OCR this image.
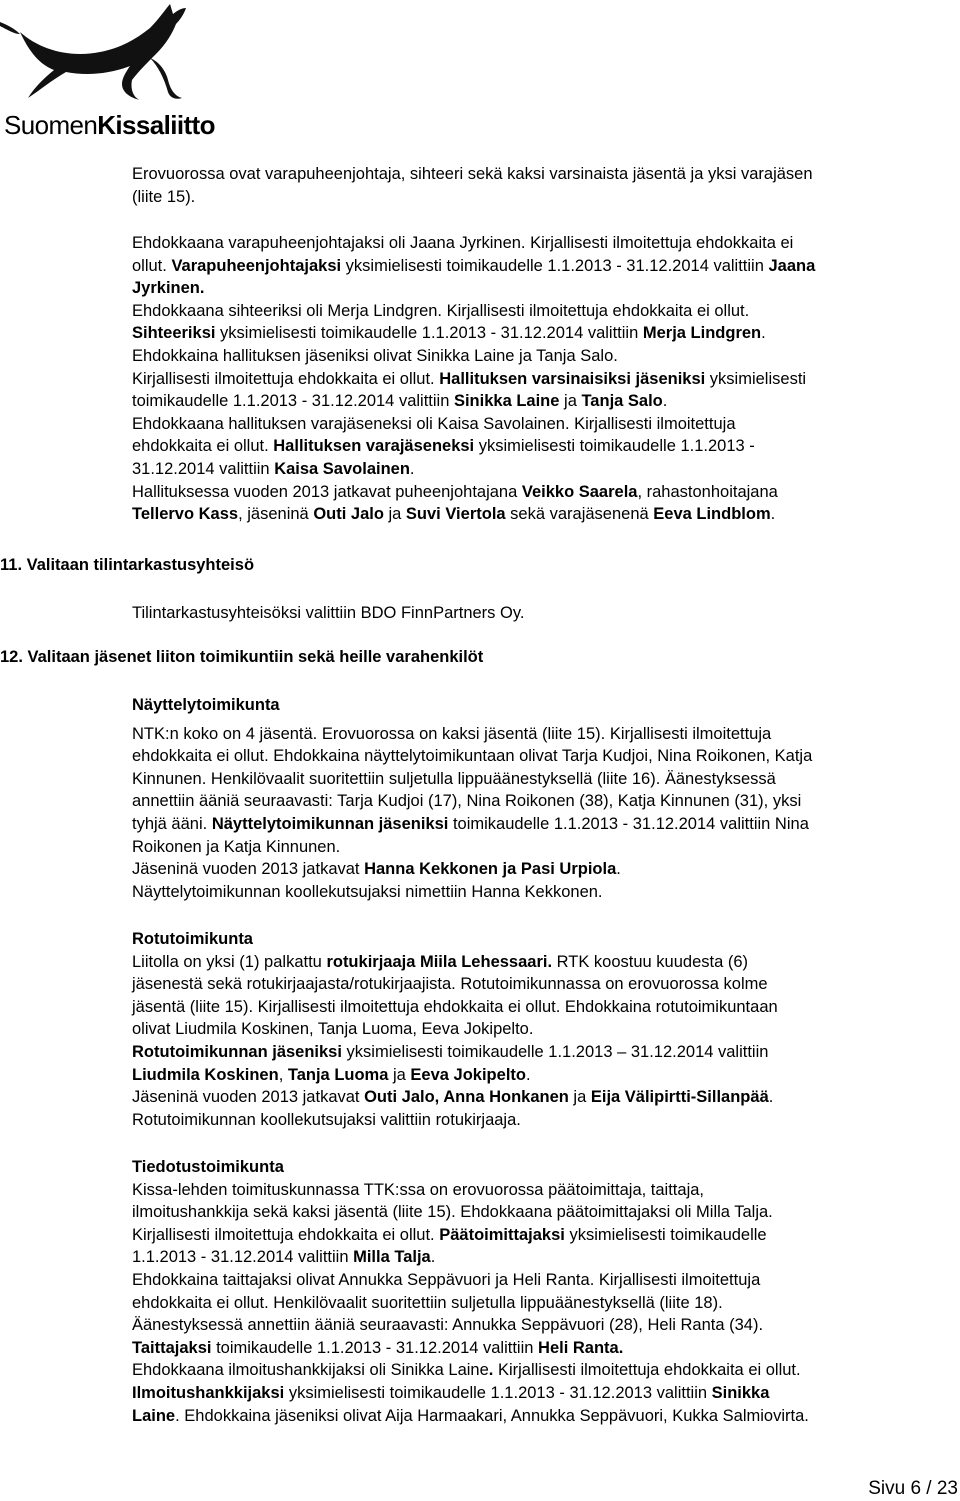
SuomenKissaliitto
Erovuorossa ovat varapuheenjohtaja, sihteeri sekä kaksi varsinaista jäsentä ja yksi varajäsen
(liite 15).
Ehdokkaana varapuheenjohtajaksi oli Jaana Jyrkinen. Kirjallisesti ilmoitettuja ehdokkaita ei
ollut. Varapuheenjohtajaksi yksimielisesti toimikaudelle 1.1.2013 - 31.12.2014 valittiin Jaana
Jyrkinen.
Ehdokkaana sihteeriksi oli Merja Lindgren. Kirjallisesti ilmoitettuja ehdokkaita ei ollut.
Sihteeriksi yksimielisesti toimikaudelle 1.1.2013 - 31.12.2014 valittiin Merja Lindgren.
Ehdokkaina hallituksen jäseniksi olivat Sinikka Laine ja Tanja Salo.
Kirjallisesti ilmoitettuja ehdokkaita ei ollut. Hallituksen varsinaisiksi jäseniksi yksimielisesti
toimikaudelle 1.1.2013 - 31.12.2014 valittiin Sinikka Laine ja Tanja Salo.
Ehdokkaana hallituksen varajäseneksi oli Kaisa Savolainen. Kirjallisesti ilmoitettuja
ehdokkaita ei ollut. Hallituksen varajäseneksi yksimielisesti toimikaudelle 1.1.2013 -
31.12.2014 valittiin Kaisa Savolainen.
Hallituksessa vuoden 2013 jatkavat puheenjohtajana Veikko Saarela, rahastonhoitajana
Tellervo Kass, jäseninä Outi Jalo ja Suvi Viertola sekä varajäsenenä Eeva Lindblom.
11. Valitaan tilintarkastusyhteisö
Tilintarkastusyhteisöksi valittiin BDO FinnPartners Oy.
12. Valitaan jäsenet liiton toimikuntiin sekä heille varahenkilöt
Näyttelytoimikunta
NTK:n koko on 4 jäsentä. Erovuorossa on kaksi jäsentä (liite 15). Kirjallisesti ilmoitettuja
ehdokkaita ei ollut. Ehdokkaina näyttelytoimikuntaan olivat Tarja Kudjoi, Nina Roikonen, Katja
Kinnunen. Henkilövaalit suoritettiin suljetulla lippuäänestyksellä (liite 16). Äänestyksessä
annettiin ääniä seuraavasti: Tarja Kudjoi (17), Nina Roikonen (38), Katja Kinnunen (31), yksi
tyhjä ääni. Näyttelytoimikunnan jäseniksi toimikaudelle 1.1.2013 - 31.12.2014 valittiin Nina
Roikonen ja Katja Kinnunen.
Jäseninä vuoden 2013 jatkavat Hanna Kekkonen ja Pasi Urpiola.
Näyttelytoimikunnan koollekutsujaksi nimettiin Hanna Kekkonen.
Rotutoimikunta
Liitolla on yksi (1) palkattu rotukirjaaja Miila Lehessaari. RTK koostuu kuudesta (6)
jäsenestä sekä rotukirjaajasta/rotukirjaajista. Rotutoimikunnassa on erovuorossa kolme
jäsentä (liite 15). Kirjallisesti ilmoitettuja ehdokkaita ei ollut. Ehdokkaina rotutoimikuntaan
olivat Liudmila Koskinen, Tanja Luoma, Eeva Jokipelto.
Rotutoimikunnan jäseniksi yksimielisesti toimikaudelle 1.1.2013 – 31.12.2014 valittiin
Liudmila Koskinen, Tanja Luoma ja Eeva Jokipelto.
Jäseninä vuoden 2013 jatkavat Outi Jalo, Anna Honkanen ja Eija Välipirtti-Sillanpää.
Rotutoimikunnan koollekutsujaksi valittiin rotukirjaaja.
Tiedotustoimikunta
Kissa-lehden toimituskunnassa TTK:ssa on erovuorossa päätoimittaja, taittaja,
ilmoitushankkija sekä kaksi jäsentä (liite 15). Ehdokkaana päätoimittajaksi oli Milla Talja.
Kirjallisesti ilmoitettuja ehdokkaita ei ollut. Päätoimittajaksi yksimielisesti toimikaudelle
1.1.2013 - 31.12.2014 valittiin Milla Talja.
Ehdokkaina taittajaksi olivat Annukka Seppävuori ja Heli Ranta. Kirjallisesti ilmoitettuja
ehdokkaita ei ollut. Henkilövaalit suoritettiin suljetulla lippuäänestyksellä (liite 18).
Äänestyksessä annettiin ääniä seuraavasti: Annukka Seppävuori (28), Heli Ranta (34).
Taittajaksi toimikaudelle 1.1.2013 - 31.12.2014 valittiin Heli Ranta.
Ehdokkaana ilmoitushankkijaksi oli Sinikka Laine. Kirjallisesti ilmoitettuja ehdokkaita ei ollut.
Ilmoitushankkijaksi yksimielisesti toimikaudelle 1.1.2013 - 31.12.2013 valittiin Sinikka
Laine. Ehdokkaina jäseniksi olivat Aija Harmaakari, Annukka Seppävuori, Kukka Salmiovirta.
Sivu 6 / 23
